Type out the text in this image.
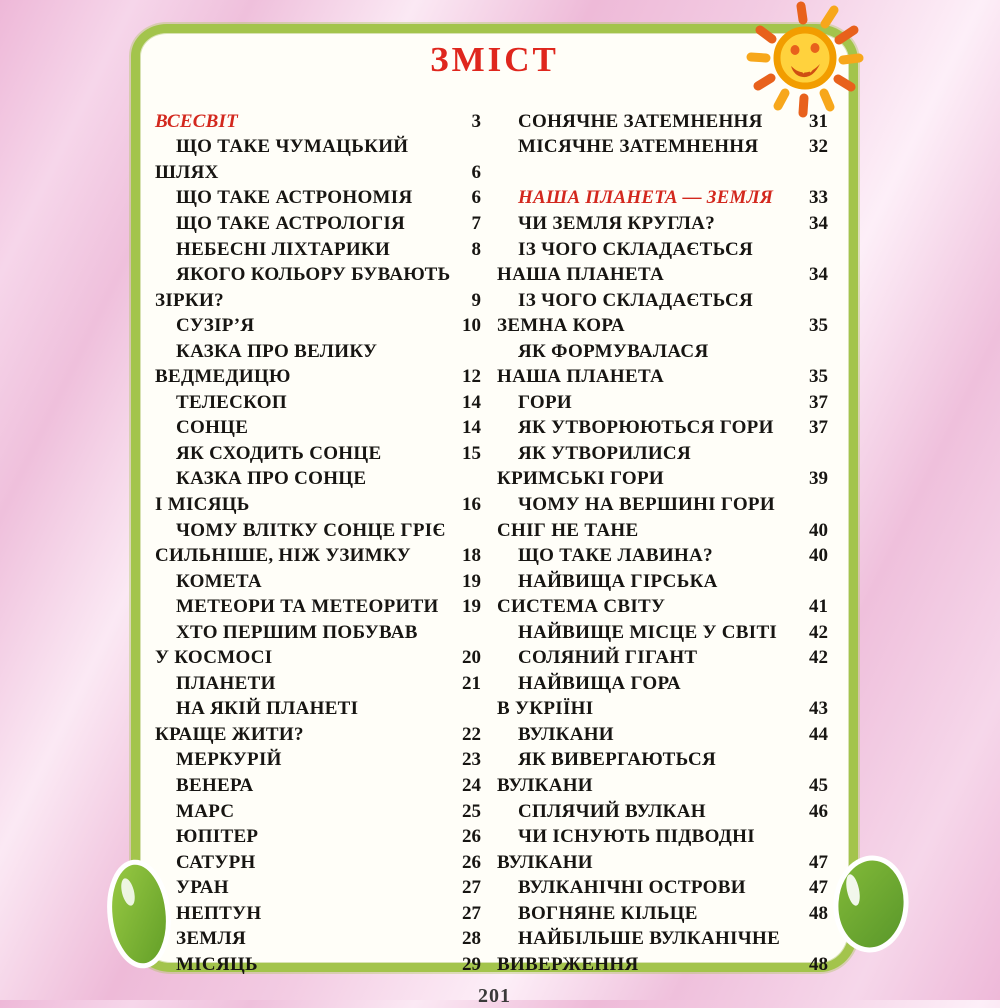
ЗМІСТ
ВСЕСВІТ	3
ЩО ТАКЕ ЧУМАЦЬКИЙ
ШЛЯХ	6
ЩО ТАКЕ АСТРОНОМІЯ	6
ЩО ТАКЕ АСТРОЛОГІЯ	7
НЕБЕСНІ ЛІХТАРИКИ	8
ЯКОГО КОЛЬОРУ БУВАЮТЬ
ЗІРКИ?	9
СУЗІР’Я	10
КАЗКА ПРО ВЕЛИКУ
ВЕДМЕДИЦЮ	12
ТЕЛЕСКОП	14
СОНЦЕ	14
ЯК СХОДИТЬ СОНЦЕ	15
КАЗКА ПРО СОНЦЕ
І МІСЯЦЬ	16
ЧОМУ ВЛІТКУ СОНЦЕ ГРІЄ
СИЛЬНІШЕ, НІЖ УЗИМКУ	18
КОМЕТА	19
МЕТЕОРИ ТА МЕТЕОРИТИ	19
ХТО ПЕРШИМ ПОБУВАВ
У КОСМОСІ	20
ПЛАНЕТИ	21
НА ЯКІЙ ПЛАНЕТІ
КРАЩЕ ЖИТИ?	22
МЕРКУРІЙ	23
ВЕНЕРА	24
МАРС	25
ЮПІТЕР	26
САТУРН	26
УРАН	27
НЕПТУН	27
ЗЕМЛЯ	28
МІСЯЦЬ	29
СОНЯЧНЕ ЗАТЕМНЕННЯ	31
МІСЯЧНЕ ЗАТЕМНЕННЯ	32
НАША ПЛАНЕТА — ЗЕМЛЯ	33
ЧИ ЗЕМЛЯ КРУГЛА?	34
ІЗ ЧОГО СКЛАДАЄТЬСЯ
НАША ПЛАНЕТА	34
ІЗ ЧОГО СКЛАДАЄТЬСЯ
ЗЕМНА КОРА	35
ЯК ФОРМУВАЛАСЯ
НАША ПЛАНЕТА	35
ГОРИ	37
ЯК УТВОРЮЮТЬСЯ ГОРИ	37
ЯК УТВОРИЛИСЯ
КРИМСЬКІ ГОРИ	39
ЧОМУ НА ВЕРШИНІ ГОРИ
СНІГ НЕ ТАНЕ	40
ЩО ТАКЕ ЛАВИНА?	40
НАЙВИЩА ГІРСЬКА
СИСТЕМА СВІТУ	41
НАЙВИЩЕ МІСЦЕ У СВІТІ	42
СОЛЯНИЙ ГІГАНТ	42
НАЙВИЩА ГОРА
В УКРІЇНІ	43
ВУЛКАНИ	44
ЯК ВИВЕРГАЮТЬСЯ
ВУЛКАНИ	45
СПЛЯЧИЙ ВУЛКАН	46
ЧИ ІСНУЮТЬ ПІДВОДНІ
ВУЛКАНИ	47
ВУЛКАНІЧНІ ОСТРОВИ	47
ВОГНЯНЕ КІЛЬЦЕ	48
НАЙБІЛЬШЕ ВУЛКАНІЧНЕ
ВИВЕРЖЕННЯ	48
201
